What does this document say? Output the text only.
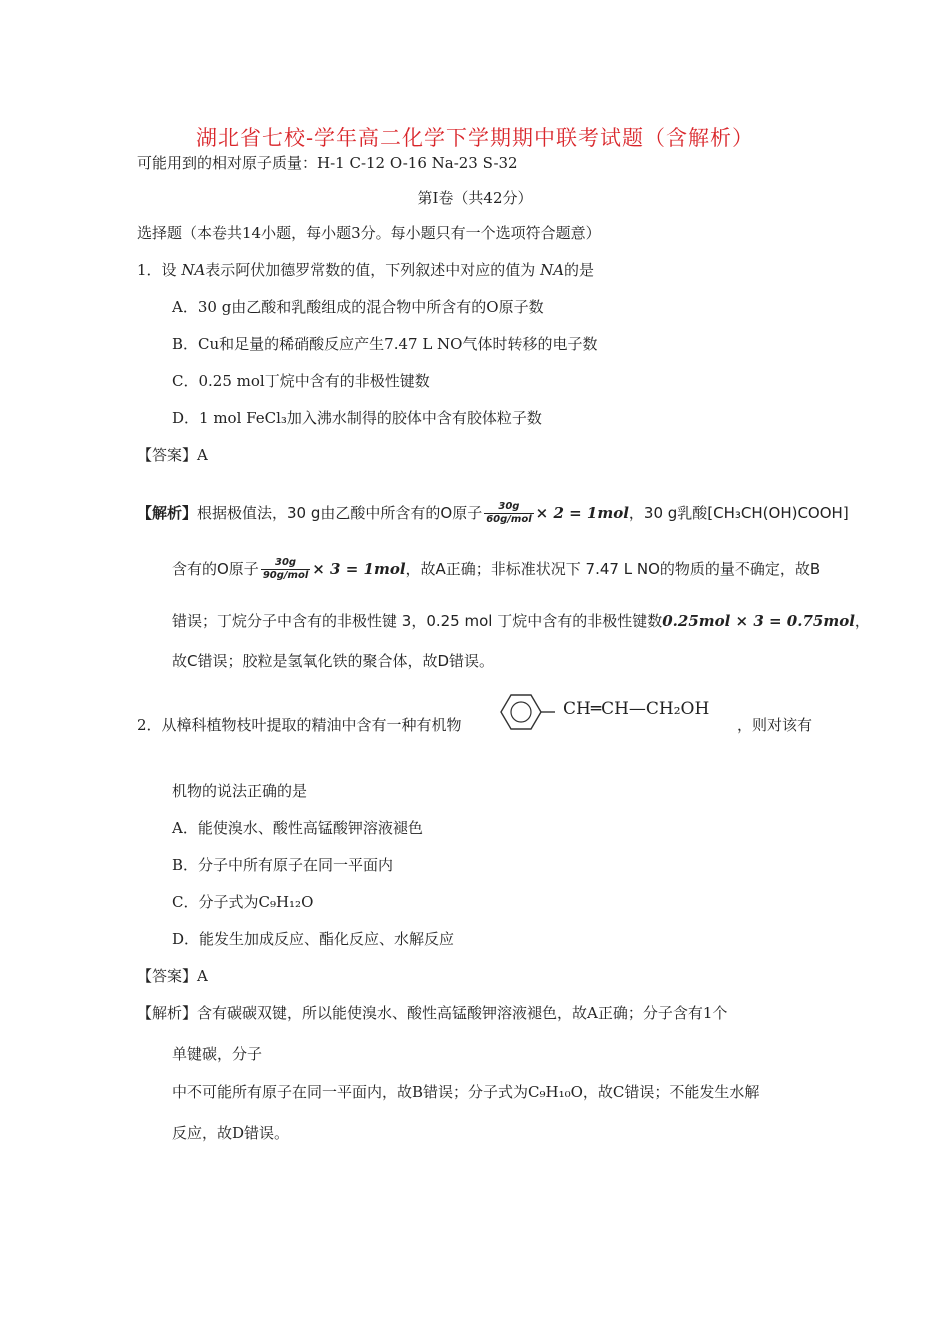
湖北省七校-学年高二化学下学期期中联考试题（含解析）
可能用到的相对原子质量：H-1 C-12 O-16 Na-23 S-32
第Ⅰ卷（共42分）
选择题（本卷共14小题，每小题3分。每小题只有一个选项符合题意）
1．设 NA表示阿伏加德罗常数的值，下列叙述中对应的值为 NA的是
A．30 g由乙酸和乳酸组成的混合物中所含有的O原子数
B．Cu和足量的稀硝酸反应产生7.47 L NO气体时转移的电子数
C．0.25 mol丁烷中含有的非极性键数
D．1 mol FeCl₃加入沸水制得的胶体中含有胶体粒子数
【答案】A
【解析】根据极值法，30 g由乙酸中所含有的O原子 $\frac{30g}{\text{60g/mol}} \times 2 = 1mol$，30 g乳酸[CH₃CH(OH)COOH]
含有的O原子 $\frac{30g}{\text{90g/mol}} \times 3 = 1mol$，故A正确；非标准状况下 7.47 L NO的物质的量不确定，故B
错误；丁烷分子中含有的非极性键 3，0.25 mol 丁烷中含有的非极性键数0.25mol × 3 = 0.75mol，
故C错误；胶粒是氢氧化铁的聚合体，故D错误。
2．从樟科植物枝叶提取的精油中含有一种有机物
CH═CH—CH₂OH
，则对该有
机物的说法正确的是
A．能使溴水、酸性高锰酸钾溶液褪色
B．分子中所有原子在同一平面内
C．分子式为C₉H₁₂O
D．能发生加成反应、酯化反应、水解反应
【答案】A
【解析】含有碳碳双键，所以能使溴水、酸性高锰酸钾溶液褪色，故A正确；分子含有1个
单键碳，分子
中不可能所有原子在同一平面内，故B错误；分子式为C₉H₁₀O，故C错误；不能发生水解
反应，故D错误。
